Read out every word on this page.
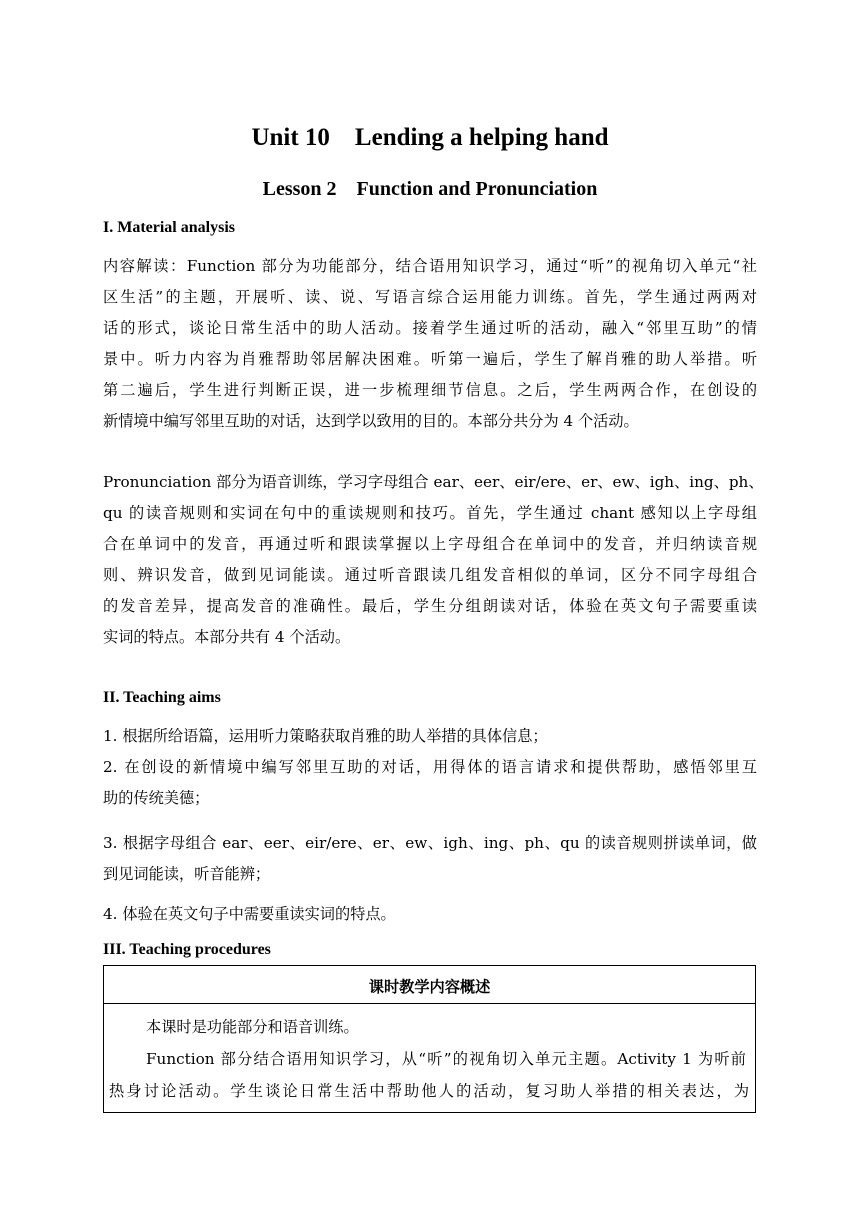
Unit 10    Lending a helping hand
Lesson 2    Function and Pronunciation
I. Material analysis
内容解读：Function 部分为功能部分，结合语用知识学习，通过“听”的视角切入单元“社
区生活”的主题，开展听、读、说、写语言综合运用能力训练。首先，学生通过两两对
话的形式，谈论日常生活中的助人活动。接着学生通过听的活动，融入“邻里互助”的情
景中。听力内容为肖雅帮助邻居解决困难。听第一遍后，学生了解肖雅的助人举措。听
第二遍后，学生进行判断正误，进一步梳理细节信息。之后，学生两两合作，在创设的
新情境中编写邻里互助的对话，达到学以致用的目的。本部分共分为 4 个活动。
Pronunciation 部分为语音训练，学习字母组合 ear、eer、eir/ere、er、ew、igh、ing、ph、
qu 的读音规则和实词在句中的重读规则和技巧。首先，学生通过 chant 感知以上字母组
合在单词中的发音，再通过听和跟读掌握以上字母组合在单词中的发音，并归纳读音规
则、辨识发音，做到见词能读。通过听音跟读几组发音相似的单词，区分不同字母组合
的发音差异，提高发音的准确性。最后，学生分组朗读对话，体验在英文句子需要重读
实词的特点。本部分共有 4 个活动。
II. Teaching aims
1. 根据所给语篇，运用听力策略获取肖雅的助人举措的具体信息；
2. 在创设的新情境中编写邻里互助的对话，用得体的语言请求和提供帮助，感悟邻里互
助的传统美德；
3. 根据字母组合 ear、eer、eir/ere、er、ew、igh、ing、ph、qu 的读音规则拼读单词，做
到见词能读，听音能辨；
4. 体验在英文句子中需要重读实词的特点。
III. Teaching procedures
课时教学内容概述
本课时是功能部分和语音训练。
Function 部分结合语用知识学习，从“听”的视角切入单元主题。Activity 1 为听前
热身讨论活动。学生谈论日常生活中帮助他人的活动，复习助人举措的相关表达，为
